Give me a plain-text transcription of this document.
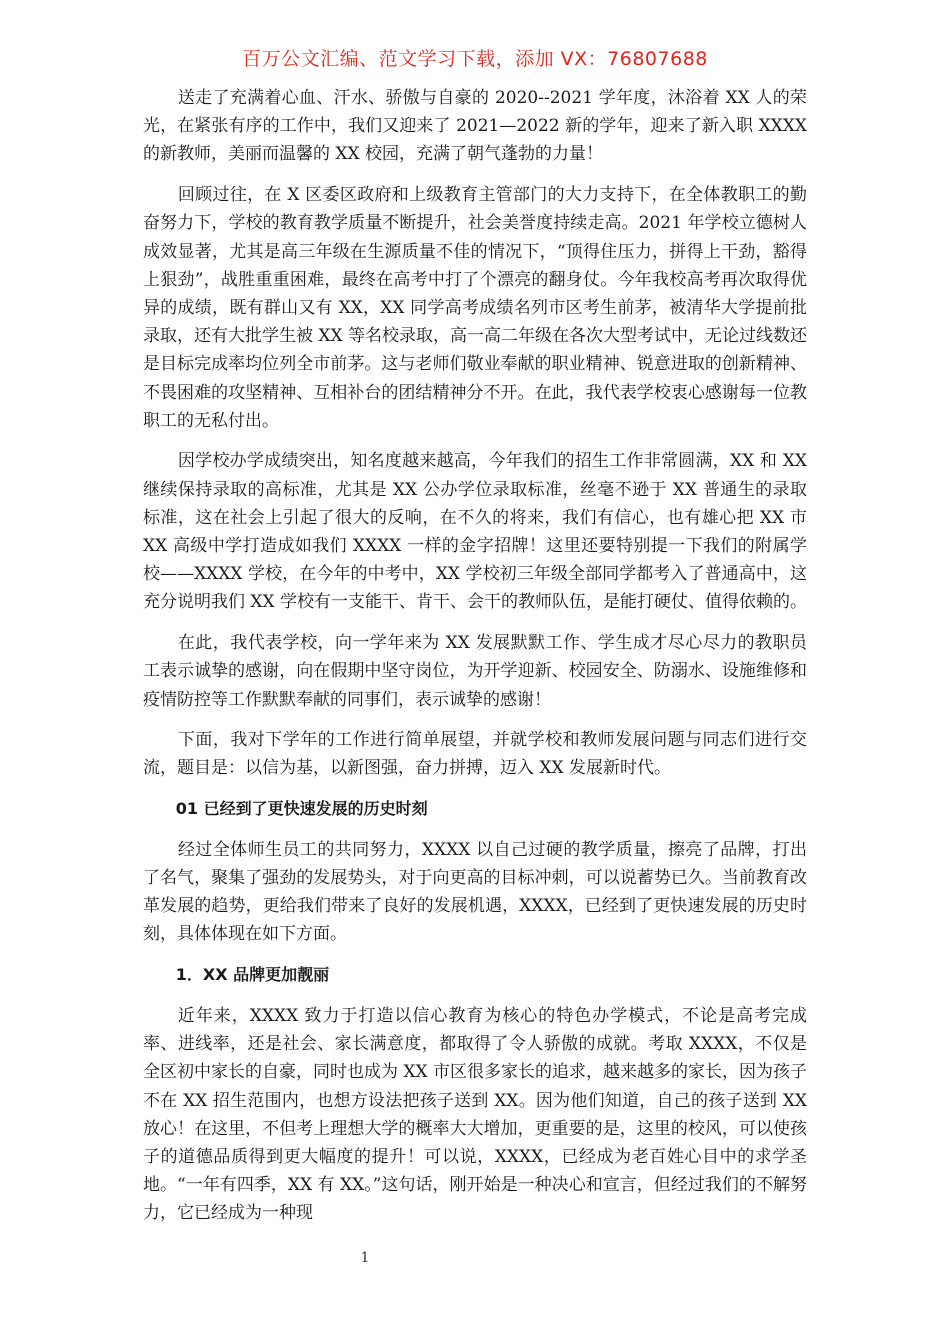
百万公文汇编、范文学习下载，添加 VX：76807688

送走了充满着心血、汗水、骄傲与自豪的 2020--2021 学年度，沐浴着 XX 人的荣光，在紧张有序的工作中，我们又迎来了 2021—2022 新的学年，迎来了新入职 XXXX 的新教师，美丽而温馨的 XX 校园，充满了朝气蓬勃的力量！

回顾过往，在 X 区委区政府和上级教育主管部门的大力支持下，在全体教职工的勤奋努力下，学校的教育教学质量不断提升，社会美誉度持续走高。2021 年学校立德树人成效显著，尤其是高三年级在生源质量不佳的情况下，“顶得住压力，拼得上干劲，豁得上狠劲”，战胜重重困难，最终在高考中打了个漂亮的翻身仗。今年我校高考再次取得优异的成绩，既有群山又有 XX，XX 同学高考成绩名列市区考生前茅，被清华大学提前批录取，还有大批学生被 XX 等名校录取，高一高二年级在各次大型考试中，无论过线数还是目标完成率均位列全市前茅。这与老师们敬业奉献的职业精神、锐意进取的创新精神、不畏困难的攻坚精神、互相补台的团结精神分不开。在此，我代表学校衷心感谢每一位教职工的无私付出。

因学校办学成绩突出，知名度越来越高，今年我们的招生工作非常圆满，XX 和 XX 继续保持录取的高标准，尤其是 XX 公办学位录取标准，丝毫不逊于 XX 普通生的录取标准，这在社会上引起了很大的反响，在不久的将来，我们有信心，也有雄心把 XX 市 XX 高级中学打造成如我们 XXXX 一样的金字招牌！这里还要特别提一下我们的附属学校——XXXX 学校，在今年的中考中，XX 学校初三年级全部同学都考入了普通高中，这充分说明我们 XX 学校有一支能干、肯干、会干的教师队伍，是能打硬仗、值得依赖的。

在此，我代表学校，向一学年来为 XX 发展默默工作、学生成才尽心尽力的教职员工表示诚挚的感谢，向在假期中坚守岗位，为开学迎新、校园安全、防溺水、设施维修和疫情防控等工作默默奉献的同事们，表示诚挚的感谢！

下面，我对下学年的工作进行简单展望，并就学校和教师发展问题与同志们进行交流，题目是：以信为基，以新图强，奋力拼搏，迈入 XX 发展新时代。

01 已经到了更快速发展的历史时刻

经过全体师生员工的共同努力，XXXX 以自己过硬的教学质量，擦亮了品牌，打出了名气，聚集了强劲的发展势头，对于向更高的目标冲刺，可以说蓄势已久。当前教育改革发展的趋势，更给我们带来了良好的发展机遇，XXXX，已经到了更快速发展的历史时刻，具体体现在如下方面。

1．XX 品牌更加靓丽

近年来，XXXX 致力于打造以信心教育为核心的特色办学模式，不论是高考完成率、进线率，还是社会、家长满意度，都取得了令人骄傲的成就。考取 XXXX，不仅是全区初中家长的自豪，同时也成为 XX 市区很多家长的追求，越来越多的家长，因为孩子不在 XX 招生范围内，也想方设法把孩子送到 XX。因为他们知道，自己的孩子送到 XX 放心！在这里，不但考上理想大学的概率大大增加，更重要的是，这里的校风，可以使孩子的道德品质得到更大幅度的提升！可以说，XXXX，已经成为老百姓心目中的求学圣地。“一年有四季，XX 有 XX。”这句话，刚开始是一种决心和宣言，但经过我们的不解努力，它已经成为一种现

1
